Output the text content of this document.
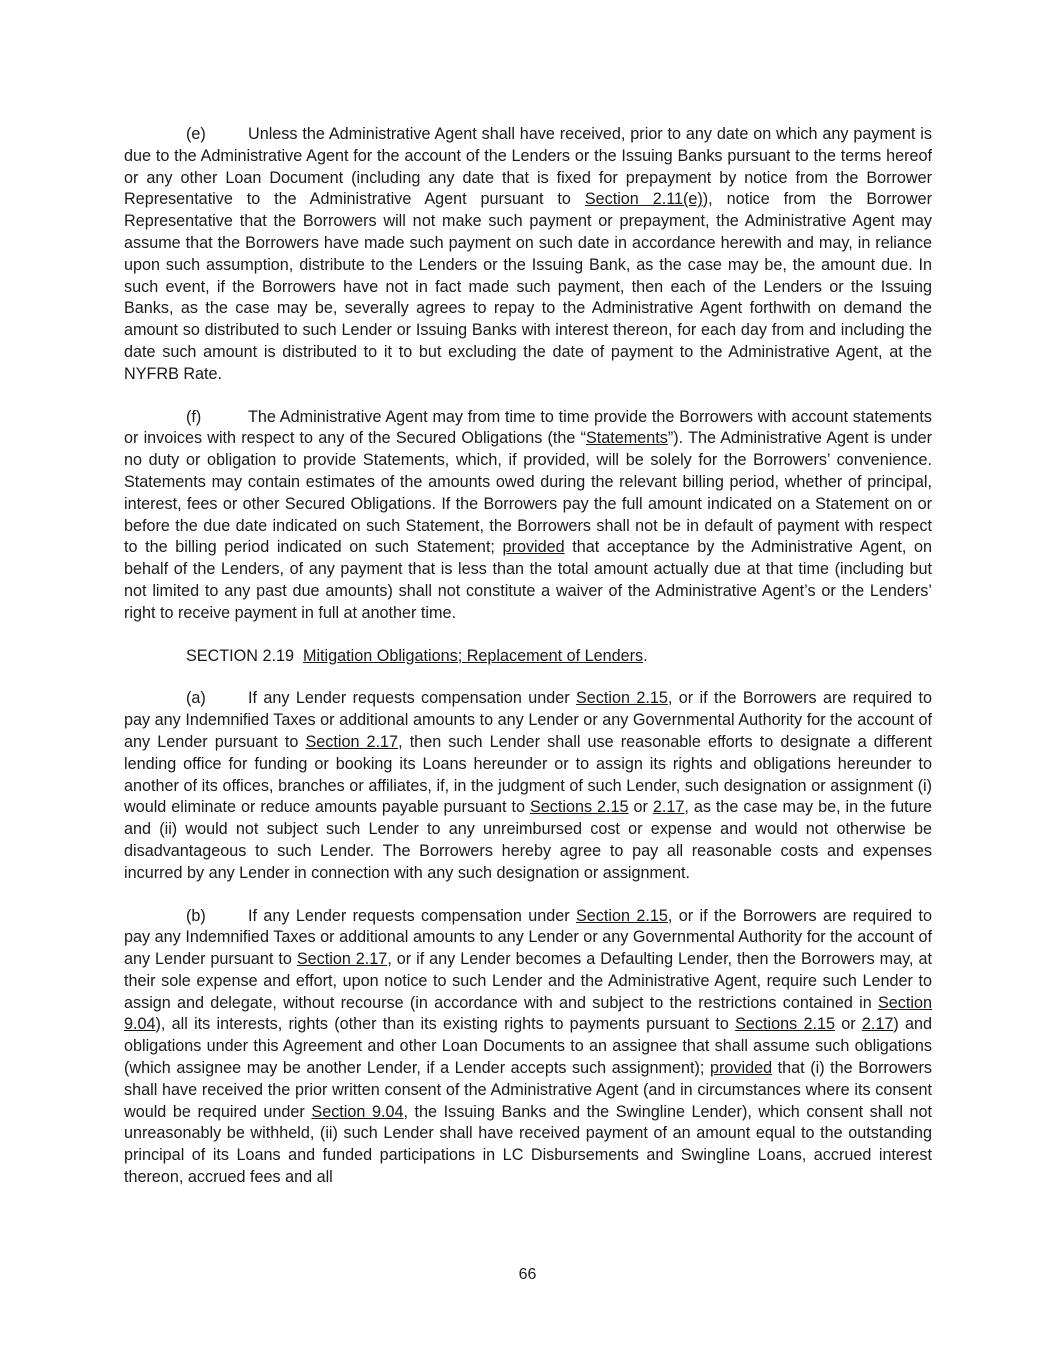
(e)	Unless the Administrative Agent shall have received, prior to any date on which any payment is due to the Administrative Agent for the account of the Lenders or the Issuing Banks pursuant to the terms hereof or any other Loan Document (including any date that is fixed for prepayment by notice from the Borrower Representative to the Administrative Agent pursuant to Section 2.11(e)), notice from the Borrower Representative that the Borrowers will not make such payment or prepayment, the Administrative Agent may assume that the Borrowers have made such payment on such date in accordance herewith and may, in reliance upon such assumption, distribute to the Lenders or the Issuing Bank, as the case may be, the amount due. In such event, if the Borrowers have not in fact made such payment, then each of the Lenders or the Issuing Banks, as the case may be, severally agrees to repay to the Administrative Agent forthwith on demand the amount so distributed to such Lender or Issuing Banks with interest thereon, for each day from and including the date such amount is distributed to it to but excluding the date of payment to the Administrative Agent, at the NYFRB Rate.

(f)	The Administrative Agent may from time to time provide the Borrowers with account statements or invoices with respect to any of the Secured Obligations (the “Statements”). The Administrative Agent is under no duty or obligation to provide Statements, which, if provided, will be solely for the Borrowers’ convenience. Statements may contain estimates of the amounts owed during the relevant billing period, whether of principal, interest, fees or other Secured Obligations. If the Borrowers pay the full amount indicated on a Statement on or before the due date indicated on such Statement, the Borrowers shall not be in default of payment with respect to the billing period indicated on such Statement; provided that acceptance by the Administrative Agent, on behalf of the Lenders, of any payment that is less than the total amount actually due at that time (including but not limited to any past due amounts) shall not constitute a waiver of the Administrative Agent’s or the Lenders’ right to receive payment in full at another time.

SECTION 2.19 Mitigation Obligations; Replacement of Lenders.

(a)	If any Lender requests compensation under Section 2.15, or if the Borrowers are required to pay any Indemnified Taxes or additional amounts to any Lender or any Governmental Authority for the account of any Lender pursuant to Section 2.17, then such Lender shall use reasonable efforts to designate a different lending office for funding or booking its Loans hereunder or to assign its rights and obligations hereunder to another of its offices, branches or affiliates, if, in the judgment of such Lender, such designation or assignment (i) would eliminate or reduce amounts payable pursuant to Sections 2.15 or 2.17, as the case may be, in the future and (ii) would not subject such Lender to any unreimbursed cost or expense and would not otherwise be disadvantageous to such Lender. The Borrowers hereby agree to pay all reasonable costs and expenses incurred by any Lender in connection with any such designation or assignment.

(b)	If any Lender requests compensation under Section 2.15, or if the Borrowers are required to pay any Indemnified Taxes or additional amounts to any Lender or any Governmental Authority for the account of any Lender pursuant to Section 2.17, or if any Lender becomes a Defaulting Lender, then the Borrowers may, at their sole expense and effort, upon notice to such Lender and the Administrative Agent, require such Lender to assign and delegate, without recourse (in accordance with and subject to the restrictions contained in Section 9.04), all its interests, rights (other than its existing rights to payments pursuant to Sections 2.15 or 2.17) and obligations under this Agreement and other Loan Documents to an assignee that shall assume such obligations (which assignee may be another Lender, if a Lender accepts such assignment); provided that (i) the Borrowers shall have received the prior written consent of the Administrative Agent (and in circumstances where its consent would be required under Section 9.04, the Issuing Banks and the Swingline Lender), which consent shall not unreasonably be withheld, (ii) such Lender shall have received payment of an amount equal to the outstanding principal of its Loans and funded participations in LC Disbursements and Swingline Loans, accrued interest thereon, accrued fees and all

66
